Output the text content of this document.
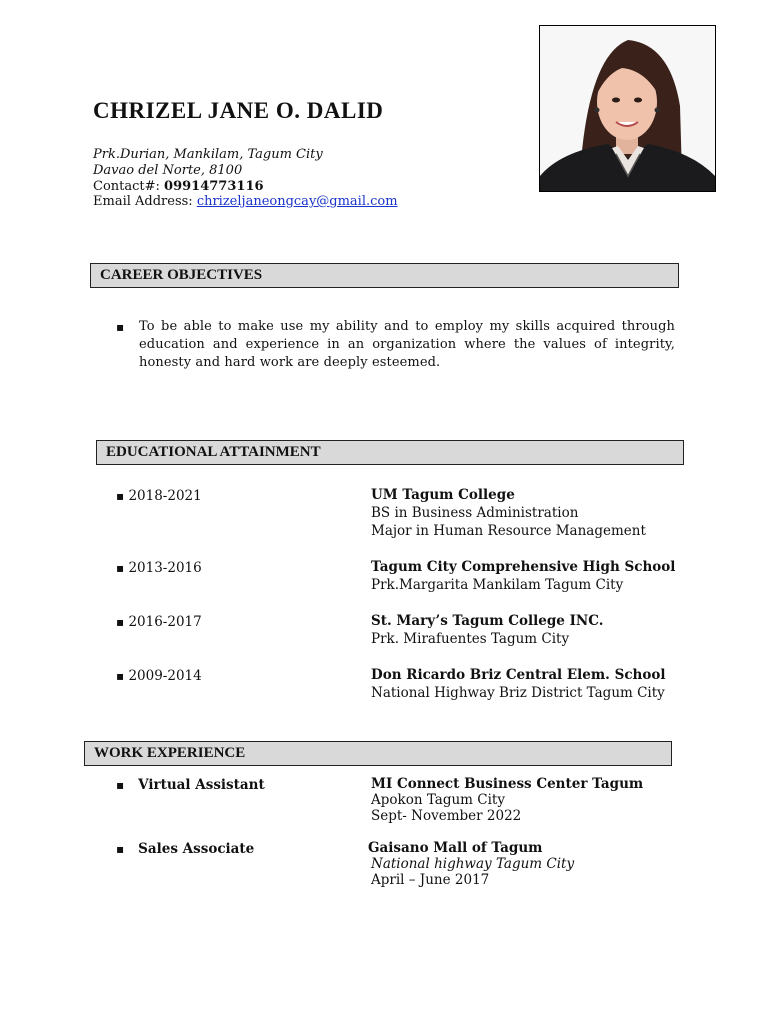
CHRIZEL JANE O. DALID
Prk.Durian, Mankilam, Tagum City
Davao del Norte, 8100
Contact#: 09914773116
Email Address: chrizeljaneongcay@gmail.com
CAREER OBJECTIVES
▪ To be able to make use my ability and to employ my skills acquired through education and experience in an organization where the values of integrity, honesty and hard work are deeply esteemed.
EDUCATIONAL ATTAINMENT
▪ 2018-2021	UM Tagum College
BS in Business Administration
Major in Human Resource Management
▪ 2013-2016	Tagum City Comprehensive High School
Prk.Margarita Mankilam Tagum City
▪ 2016-2017	St. Mary’s Tagum College INC.
Prk. Mirafuentes Tagum City
▪ 2009-2014	Don Ricardo Briz Central Elem. School
National Highway Briz District Tagum City
WORK EXPERIENCE
▪ Virtual Assistant	MI Connect Business Center Tagum
Apokon Tagum City
Sept- November 2022
▪ Sales Associate	Gaisano Mall of Tagum
National highway Tagum City
April – June 2017
